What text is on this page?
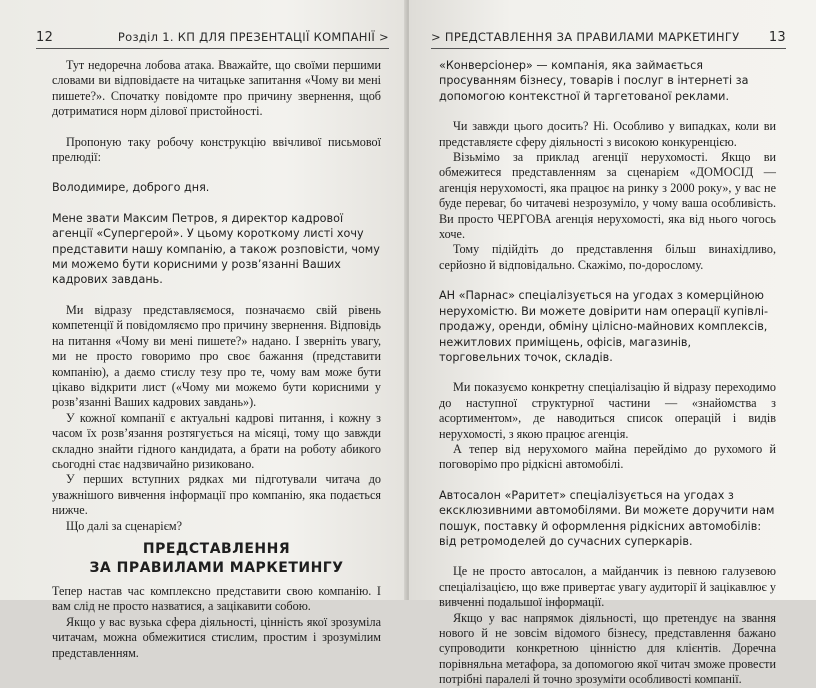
12	Розділ 1. КП ДЛЯ ПРЕЗЕНТАЦІЇ КОМПАНІЇ >

Тут недоречна лобова атака. Вважайте, що своїми першими словами ви відповідаєте на читацьке запитання «Чому ви мені пишете?». Спочатку повідомте про причину звернення, щоб дотриматися норм ділової пристойності.

Пропоную таку робочу конструкцію ввічливої письмової прелюдії:

Володимире, доброго дня.

Мене звати Максим Петров, я директор кадрової агенції «Супергерой». У цьому короткому листі хочу представити нашу компанію, а також розповісти, чому ми можемо бути корисними у розв’язанні Ваших кадрових завдань.

Ми відразу представляємося, позначаємо свій рівень компетенції й повідомляємо про причину звернення. Відповідь на питання «Чому ви мені пишете?» надано. І зверніть увагу, ми не просто говоримо про своє бажання (представити компанію), а даємо стислу тезу про те, чому вам може бути цікаво відкрити лист («Чому ми можемо бути корисними у розв’язанні Ваших кадрових завдань»).

У кожної компанії є актуальні кадрові питання, і кожну з часом їх розв’язання розтягується на місяці, тому що завжди складно знайти гідного кандидата, а брати на роботу абикого сьогодні стає надзвичайно ризиковано.

У перших вступних рядках ми підготували читача до уважнішого вивчення інформації про компанію, яка подається нижче.

Що далі за сценарієм?

ПРЕДСТАВЛЕННЯ
ЗА ПРАВИЛАМИ МАРКЕТИНГУ

Тепер настав час комплексно представити свою компанію. І вам слід не просто назватися, а зацікавити собою.

Якщо у вас вузька сфера діяльності, цінність якої зрозуміла читачам, можна обмежитися стислим, простим і зрозумілим представленням.

> ПРЕДСТАВЛЕННЯ ЗА ПРАВИЛАМИ МАРКЕТИНГУ 13

«Конверсіонер» — компанія, яка займається просуванням бізнесу, товарів і послуг в інтернеті за допомогою контекстної й таргетованої реклами.

Чи завжди цього досить? Ні. Особливо у випадках, коли ви представляєте сферу діяльності з високою конкуренцією.

Візьмімо за приклад агенції нерухомості. Якщо ви обмежитеся представленням за сценарієм «ДОМОСІД — агенція нерухомості, яка працює на ринку з 2000 року», у вас не буде переваг, бо читачеві незрозуміло, у чому ваша особливість. Ви просто ЧЕРГОВА агенція нерухомості, яка від нього чогось хоче.

Тому підійдіть до представлення більш винахідливо, серйозно й відповідально. Скажімо, по-дорослому.

АН «Парнас» спеціалізується на угодах з комерційною нерухомістю. Ви можете довірити нам операції купівлі-продажу, оренди, обміну цілісно-майнових комплексів, нежитлових приміщень, офісів, магазинів, торговельних точок, складів.

Ми показуємо конкретну спеціалізацію й відразу переходимо до наступної структурної частини — «знайомства з асортиментом», де наводиться список операцій і видів нерухомості, з якою працює агенція.

А тепер від нерухомого майна перейдімо до рухомого й поговорімо про рідкісні автомобілі.

Автосалон «Раритет» спеціалізується на угодах з ексклюзивними автомобілями. Ви можете доручити нам пошук, поставку й оформлення рідкісних автомобілів: від ретромоделей до сучасних суперкарів.

Це не просто автосалон, а майданчик із певною галузевою спеціалізацією, що вже привертає увагу аудиторії й зацікавлює у вивченні подальшої інформації.

Якщо у вас напрямок діяльності, що претендує на звання нового й не зовсім відомого бізнесу, представлення бажано супроводити конкретною цінністю для клієнтів. Доречна порівняльна метафора, за допомогою якої читач зможе провести потрібні паралелі й точно зрозуміти особливості компанії.
